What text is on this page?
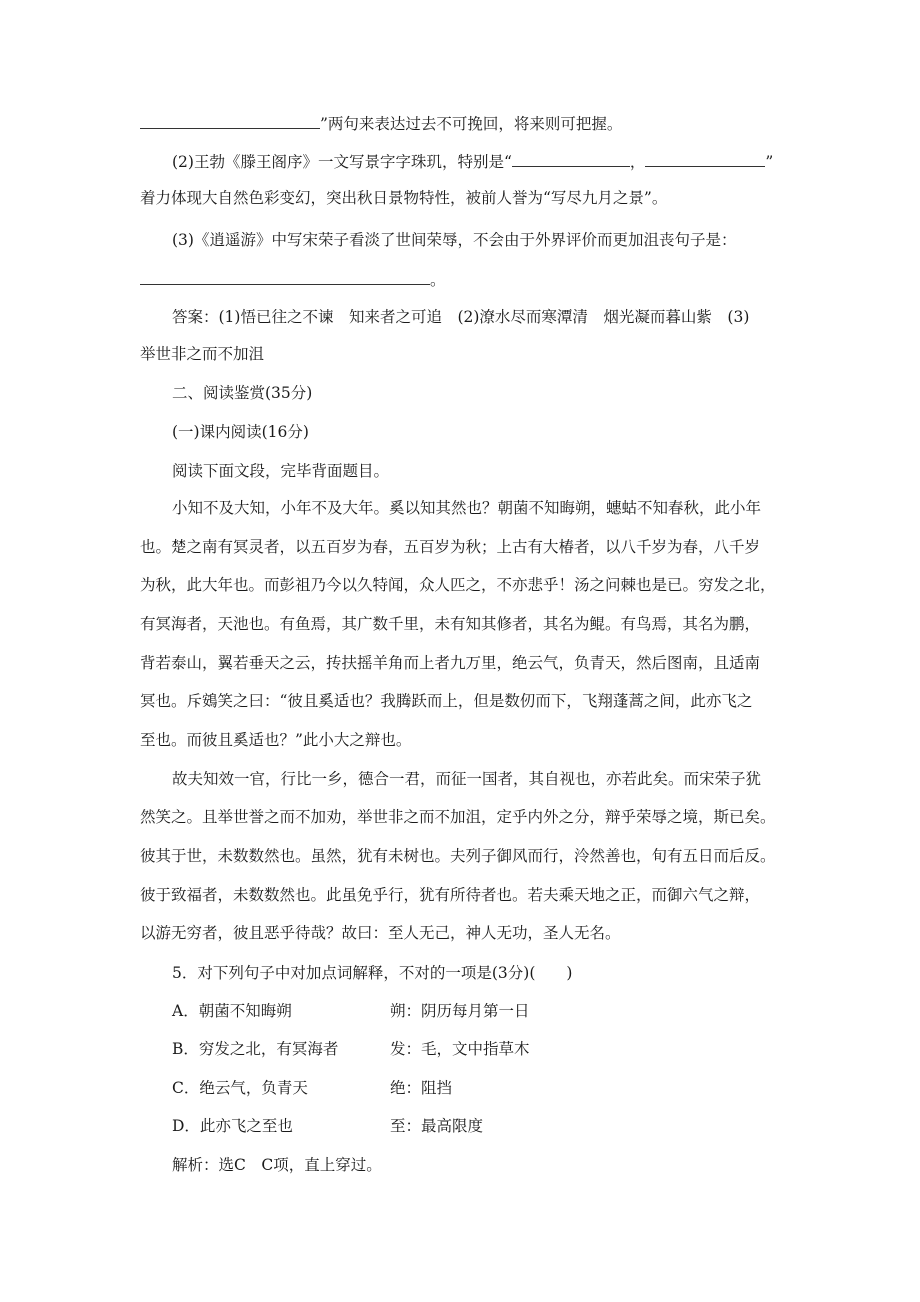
”两句来表达过去不可挽回，将来则可把握。
(2)王勃《滕王阁序》一文写景字字珠玑，特别是“	，	”
着力体现大自然色彩变幻，突出秋日景物特性，被前人誉为“写尽九月之景”。
(3)《逍遥游》中写宋荣子看淡了世间荣辱，不会由于外界评价而更加沮丧句子是：
。
答案：(1)悟已往之不谏　知来者之可追　(2)潦水尽而寒潭清　烟光凝而暮山紫　(3)
举世非之而不加沮
二、阅读鉴赏(35分)
(一)课内阅读(16分)
阅读下面文段，完毕背面题目。
小知不及大知，小年不及大年。奚以知其然也？朝菌不知晦朔，蟪蛄不知春秋，此小年
也。楚之南有冥灵者，以五百岁为春，五百岁为秋；上古有大椿者，以八千岁为春，八千岁
为秋，此大年也。而彭祖乃今以久特闻，众人匹之，不亦悲乎！汤之问棘也是已。穷发之北，
有冥海者，天池也。有鱼焉，其广数千里，未有知其修者，其名为鲲。有鸟焉，其名为鹏，
背若泰山，翼若垂天之云，抟扶摇羊角而上者九万里，绝云气，负青天，然后图南，且适南
冥也。斥鴳笑之曰：“彼且奚适也？我腾跃而上，但是数仞而下，飞翔蓬蒿之间，此亦飞之
至也。而彼且奚适也？”此小大之辩也。
故夫知效一官，行比一乡，德合一君，而征一国者，其自视也，亦若此矣。而宋荣子犹
然笑之。且举世誉之而不加劝，举世非之而不加沮，定乎内外之分，辩乎荣辱之境，斯已矣。
彼其于世，未数数然也。虽然，犹有未树也。夫列子御风而行，泠然善也，旬有五日而后反。
彼于致福者，未数数然也。此虽免乎行，犹有所待者也。若夫乘天地之正，而御六气之辩，
以游无穷者，彼且恶乎待哉？故曰：至人无己，神人无功，圣人无名。
5．对下列句子中对加点词解释，不对的一项是(3分)(　　)
A．朝菌不知晦朔	朔：阴历每月第一日
B．穷发之北，有冥海者	发：毛，文中指草木
C．绝云气，负青天	绝：阻挡
D．此亦飞之至也	至：最高限度
解析：选C　C项，直上穿过。
